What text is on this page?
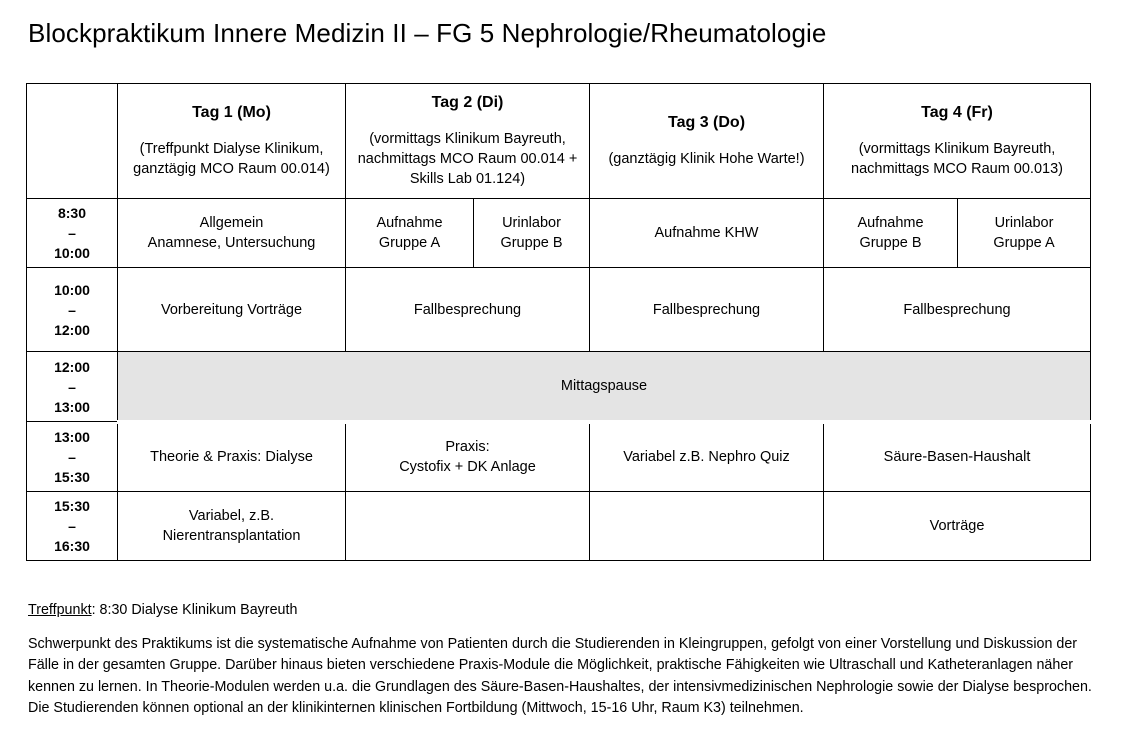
Blockpraktikum Innere Medizin II – FG 5 Nephrologie/Rheumatologie

	Tag 1 (Mo)
(Treffpunkt Dialyse Klinikum,
ganztägig MCO Raum 00.014)	Tag 2 (Di)
(vormittags Klinikum Bayreuth,
nachmittags MCO Raum 00.014 +
Skills Lab 01.124)		Tag 3 (Do)
(ganztägig Klinik Hohe Warte!)	Tag 4 (Fr)
(vormittags Klinikum Bayreuth,
nachmittags MCO Raum 00.013)	

8:30
–
10:00	Allgemein
Anamnese, Untersuchung	Aufnahme
Gruppe A	Urinlabor
Gruppe B	Aufnahme KHW	Aufnahme
Gruppe B	Urinlabor
Gruppe A

10:00
–
12:00	Vorbereitung Vorträge	Fallbesprechung		Fallbesprechung	Fallbesprechung	

12:00
–
13:00	Mittagspause					

13:00
–
15:30	Theorie & Praxis: Dialyse	Praxis:
Cystofix + DK Anlage		Variabel z.B. Nephro Quiz	Säure-Basen-Haushalt	

15:30
–
16:30	Variabel, z.B.
Nierentransplantation				Vorträge	

Treffpunkt: 8:30 Dialyse Klinikum Bayreuth

Schwerpunkt des Praktikums ist die systematische Aufnahme von Patienten durch die Studierenden in Kleingruppen, gefolgt von einer Vorstellung und Diskussion der Fälle in der gesamten Gruppe. Darüber hinaus bieten verschiedene Praxis-Module die Möglichkeit, praktische Fähigkeiten wie Ultraschall und Katheteranlagen näher kennen zu lernen. In Theorie-Modulen werden u.a. die Grundlagen des Säure-Basen-Haushaltes, der intensivmedizinischen Nephrologie sowie der Dialyse besprochen. Die Studierenden können optional an der klinikinternen klinischen Fortbildung (Mittwoch, 15-16 Uhr, Raum K3) teilnehmen.
